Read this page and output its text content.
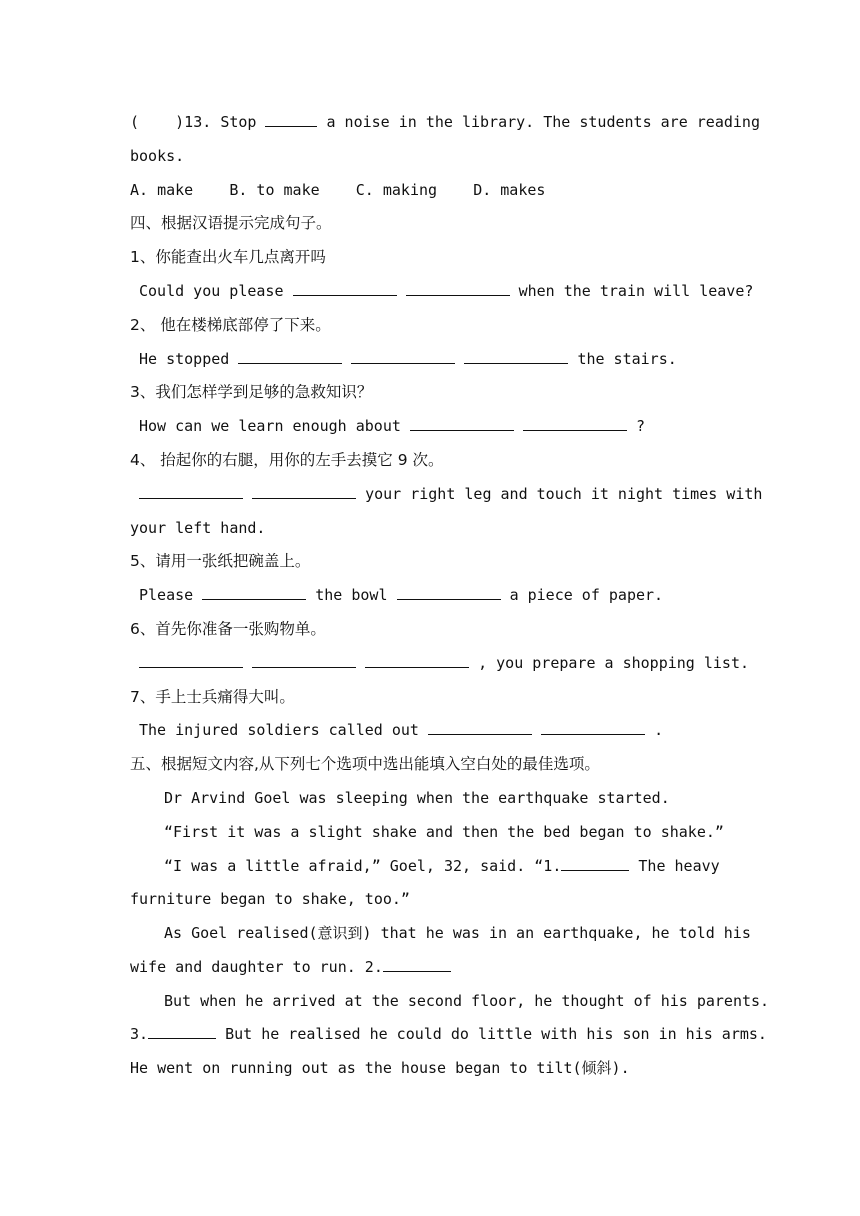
(    )13. Stop	a noise in the library. The students are reading
books.
A. make B. to make C. making D. makes
四、根据汉语提示完成句子。
1、你能查出火车几点离开吗
Could you please	when the train will leave?
2、 他在楼梯底部停了下来。
He stopped	the stairs.
3、我们怎样学到足够的急救知识？
How can we learn enough about	?
4、 抬起你的右腿，用你的左手去摸它 9 次。
your right leg and touch it night times with
your left hand.
5、请用一张纸把碗盖上。
Please	the bowl	a piece of paper.
6、首先你准备一张购物单。
, you prepare a shopping list.
7、手上士兵痛得大叫。
The injured soldiers called out	.
五、根据短文内容,从下列七个选项中选出能填入空白处的最佳选项。
Dr Arvind Goel was sleeping when the earthquake started.
“First it was a slight shake and then the bed began to shake.”
“I was a little afraid,” Goel, 32, said. “1.	The heavy
furniture began to shake, too.”
As Goel realised(意识到) that he was in an earthquake, he told his
wife and daughter to run. 2.
But when he arrived at the second floor, he thought of his parents.
3.	But he realised he could do little with his son in his arms.
He went on running out as the house began to tilt(倾斜).
